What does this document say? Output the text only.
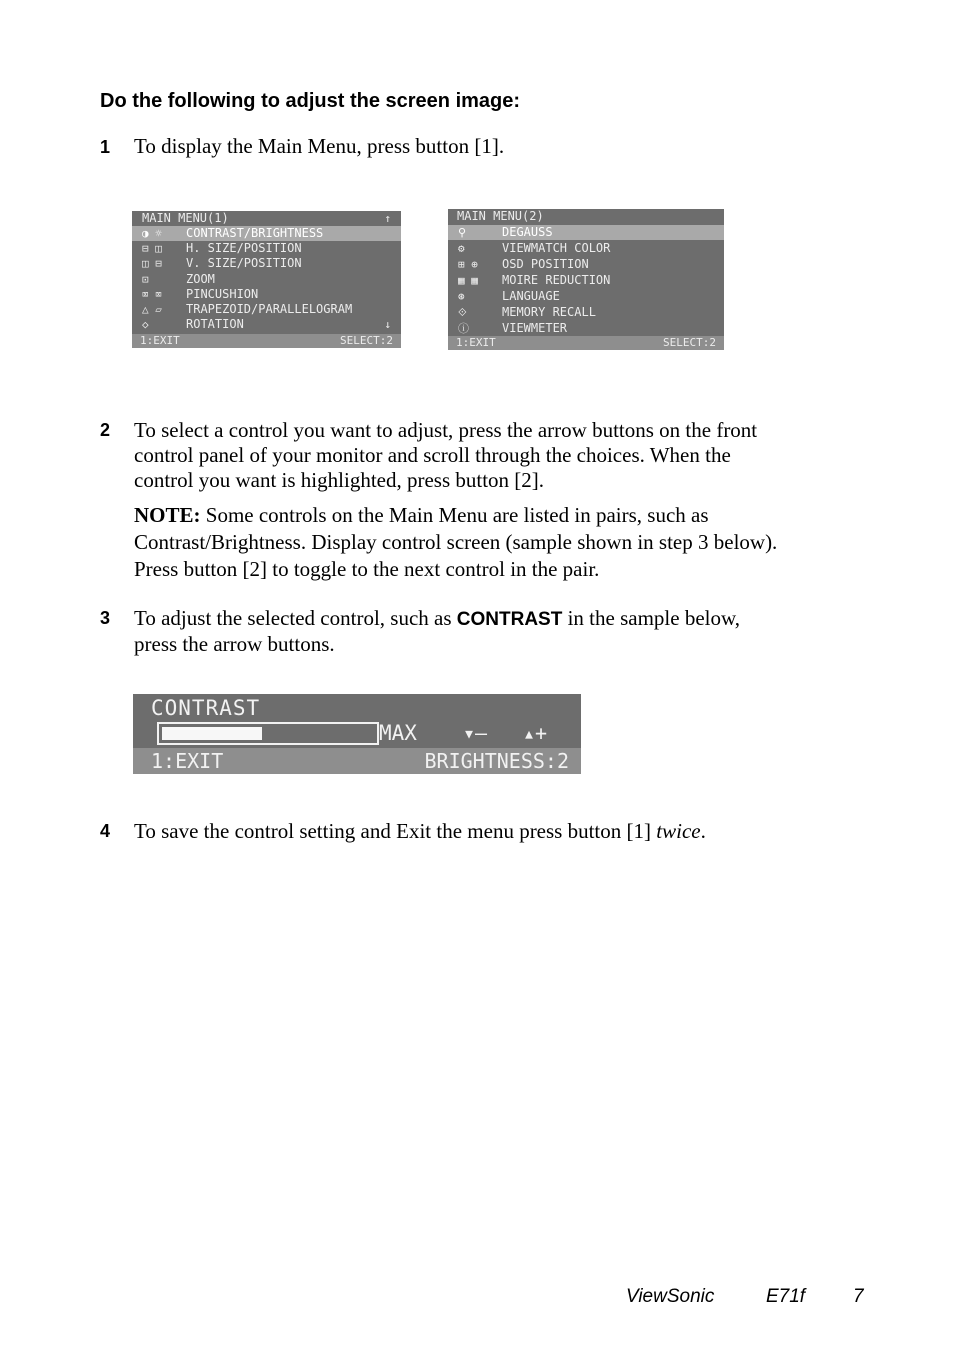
Do the following to adjust the screen image:
1 To display the Main Menu, press button [1].
MAIN MENU(1)	↑
◑ ☼ CONTRAST/BRIGHTNESS
⊟ ◫ H. SIZE/POSITION
◫ ⊟ V. SIZE/POSITION
⊡	ZOOM
⌧ ⌧ PINCUSHION
△ ▱ TRAPEZOID/PARALLELOGRAM
◇	ROTATION	↓
1:EXIT	SELECT:2
MAIN MENU(2)
⚲	DEGAUSS
⚙	VIEWMATCH COLOR
⊞ ⊕ OSD POSITION
▦ ▦ MOIRE REDUCTION
⊛	LANGUAGE
⟐	MEMORY RECALL
ⓘ	VIEWMETER
1:EXIT	SELECT:2
2 To select a control you want to adjust, press the arrow buttons on the front
control panel of your monitor and scroll through the choices. When the
control you want is highlighted, press button [2].
NOTE: Some controls on the Main Menu are listed in pairs, such as
Contrast/Brightness. Display control screen (sample shown in step 3 below).
Press button [2] to toggle to the next control in the pair.
3 To adjust the selected control, such as CONTRAST in the sample below,
press the arrow buttons.
CONTRAST
MAX ▾— ▴+
1:EXIT	BRIGHTNESS:2
4 To save the control setting and Exit the menu press button [1] twice.
ViewSonic	E71f	7
